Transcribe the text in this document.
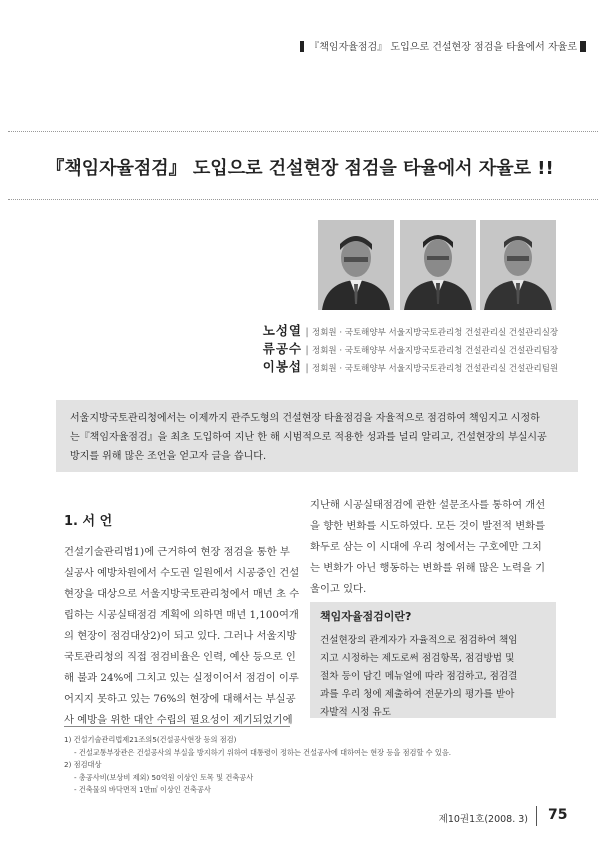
『책임자율점검』 도입으로 건설현장 점검을 타율에서 자율로
『책임자율점검』 도입으로 건설현장 점검을 타율에서 자율로 !!
노성열 | 정회원 · 국토해양부 서울지방국토관리청 건설관리실 건설관리실장
류공수 | 정회원 · 국토해양부 서울지방국토관리청 건설관리실 건설관리팀장
이봉섭 | 정회원 · 국토해양부 서울지방국토관리청 건설관리실 건설관리팀원
서울지방국토관리청에서는 이제까지 관주도형의 건설현장 타율점검을 자율적으로 점검하여 책임지고 시정하
는『책임자율점검』을 최초 도입하여 지난 한 해 시범적으로 적용한 성과를 널리 알리고, 건설현장의 부실시공
방지를 위해 많은 조언을 얻고자 글을 씁니다.
1. 서 언

건설기술관리법1)에 근거하여 현장 점검을 통한 부

실공사 예방차원에서 수도권 일원에서 시공중인 건설

현장을 대상으로 서울지방국토관리청에서 매년 초 수

립하는 시공실태점검 계획에 의하면 매년 1,100여개

의 현장이 점검대상2)이 되고 있다. 그러나 서울지방

국토관리청의 직접 점검비율은 인력, 예산 등으로 인

해 불과 24%에 그치고 있는 실정이어서 점검이 이루

어지지 못하고 있는 76%의 현장에 대해서는 부실공

사 예방을 위한 대안 수립의 필요성이 제기되었기에

지난해 시공실태점검에 관한 설문조사를 통하여 개선

을 향한 변화를 시도하였다. 모든 것이 발전적 변화를

화두로 삼는 이 시대에 우리 청에서는 구호에만 그치

는 변화가 아닌 행동하는 변화를 위해 많은 노력을 기

울이고 있다.

책임자율점검이란?
건설현장의 관계자가 자율적으로 점검하여 책임
지고 시정하는 제도로써 점검항목, 점검방법 및
절차 등이 담긴 메뉴얼에 따라 점검하고, 점검결
과를 우리 청에 제출하여 전문가의 평가를 받아
자발적 시정 유도
1) 건설기술관리법제21조의5(건설공사현장 등의 점검)
- 건설교통부장관은 건설공사의 부실을 방지하기 위하여 대통령이 정하는 건설공사에 대하여는 현장 등을 점검할 수 있음.
2) 점검대상
- 총공사비(보상비 제외) 50억원 이상인 토목 및 건축공사
- 건축물의 바닥면적 1만㎡ 이상인 건축공사
제10권1호(2008. 3) 75
